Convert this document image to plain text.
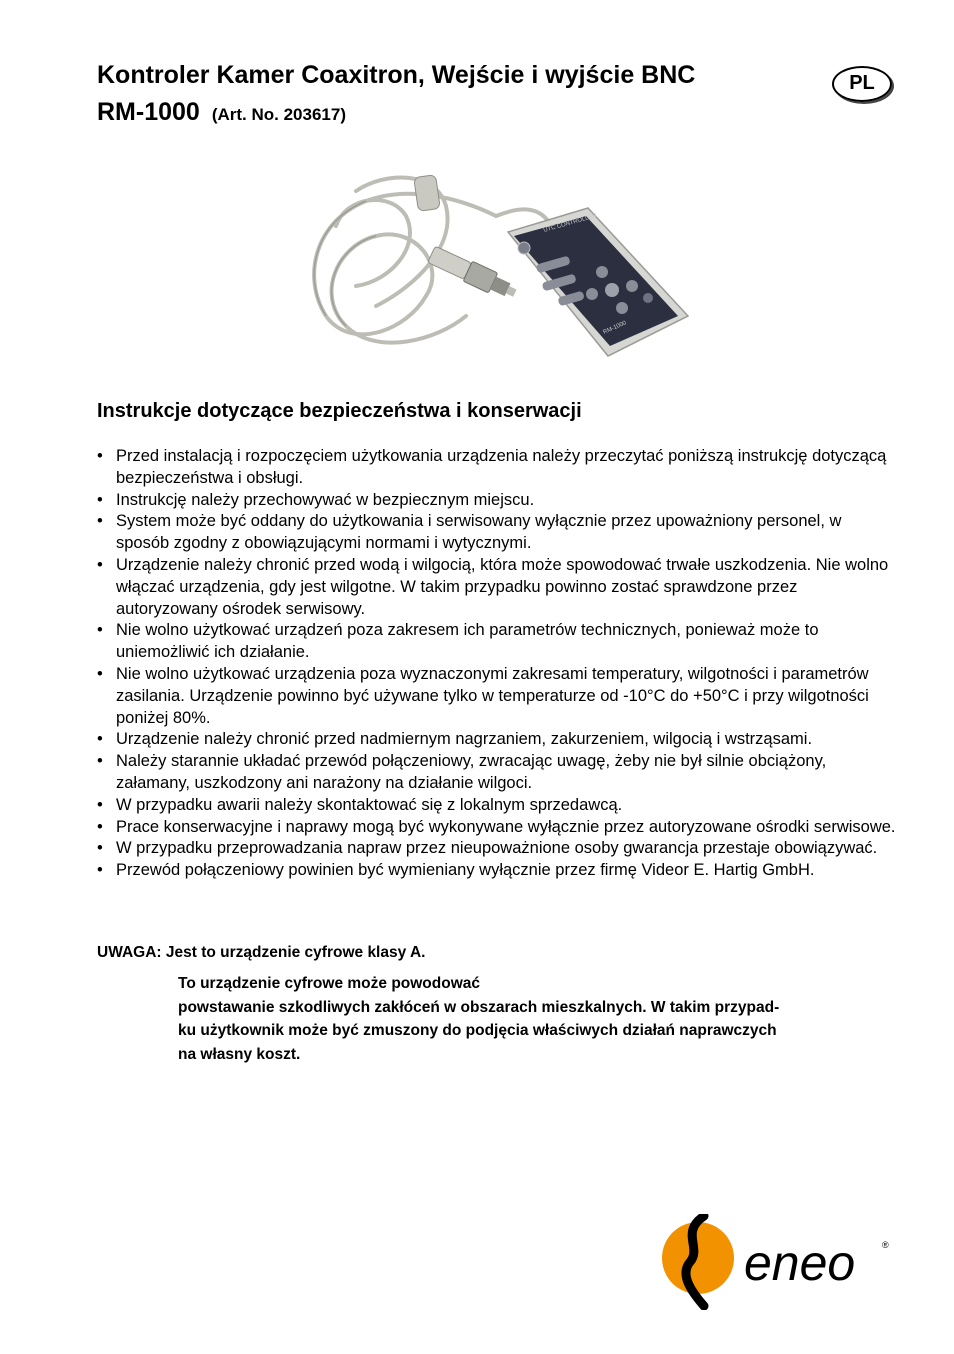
Kontroler Kamer Coaxitron, Wejście i wyjście BNC
RM-1000 (Art. No. 203617)
PL
UTC CONTROLLER
RM-1000
Instrukcje dotyczące bezpieczeństwa i konserwacji
• Przed instalacją i rozpoczęciem użytkowania urządzenia należy przeczytać poniższą instrukcję dotyczącą bezpieczeństwa i obsługi.
• Instrukcję należy przechowywać w bezpiecznym miejscu.
• System może być oddany do użytkowania i serwisowany wyłącznie przez upoważniony personel, w sposób zgodny z obowiązującymi normami i wytycznymi.
• Urządzenie należy chronić przed wodą i wilgocią, która może spowodować trwałe uszkodzenia. Nie wolno włączać urządzenia, gdy jest wilgotne. W takim przypadku powinno zostać sprawdzone przez autoryzowany ośrodek serwisowy.
• Nie wolno użytkować urządzeń poza zakresem ich parametrów technicznych, ponieważ może to uniemożliwić ich działanie.
• Nie wolno użytkować urządzenia poza wyznaczonymi zakresami temperatury, wilgotności i parametrów zasilania. Urządzenie powinno być używane tylko w temperaturze od -10°C do +50°C i przy wilgotności poniżej 80%.
• Urządzenie należy chronić przed nadmiernym nagrzaniem, zakurzeniem, wilgocią i wstrząsami.
• Należy starannie układać przewód połączeniowy, zwracając uwagę, żeby nie był silnie obciążony, załamany, uszkodzony ani narażony na działanie wilgoci.
• W przypadku awarii należy skontaktować się z lokalnym sprzedawcą.
• Prace konserwacyjne i naprawy mogą być wykonywane wyłącznie przez autoryzowane ośrodki serwisowe.
• W przypadku przeprowadzania napraw przez nieupoważnione osoby gwarancja przestaje obowiązywać.
• Przewód połączeniowy powinien być wymieniany wyłącznie przez firmę Videor E. Hartig GmbH.
UWAGA: Jest to urządzenie cyfrowe klasy A.
To urządzenie cyfrowe może powodować
powstawanie szkodliwych zakłóceń w obszarach mieszkalnych. W takim przypad-
ku użytkownik może być zmuszony do podjęcia właściwych działań naprawczych
na własny koszt.
eneo	®
